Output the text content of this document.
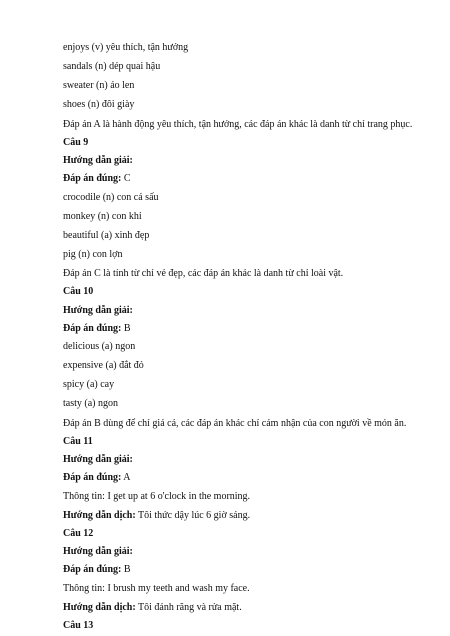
enjoys (v) yêu thích, tận hưởng
sandals (n) dép quai hậu
sweater (n) áo len
shoes (n) đôi giày
Đáp án A là hành động yêu thích, tận hưởng, các đáp án khác là danh từ chỉ trang phục.
Câu 9
Hướng dẫn giải:
Đáp án đúng: C
crocodile (n) con cá sấu
monkey (n) con khỉ
beautiful (a) xinh đẹp
pig (n) con lợn
Đáp án C là tính từ chỉ vẻ đẹp, các đáp án khác là danh từ chỉ loài vật.
Câu 10
Hướng dẫn giải:
Đáp án đúng: B
delicious (a) ngon
expensive (a) đắt đỏ
spicy (a) cay
tasty (a) ngon
Đáp án B dùng để chỉ giá cả, các đáp án khác chỉ cảm nhận của con người về món ăn.
Câu 11
Hướng dẫn giải:
Đáp án đúng: A
Thông tin: I get up at 6 o'clock in the morning.
Hướng dẫn dịch: Tôi thức dậy lúc 6 giờ sáng.
Câu 12
Hướng dẫn giải:
Đáp án đúng: B
Thông tin: I brush my teeth and wash my face.
Hướng dẫn dịch: Tôi đánh răng và rửa mặt.
Câu 13
